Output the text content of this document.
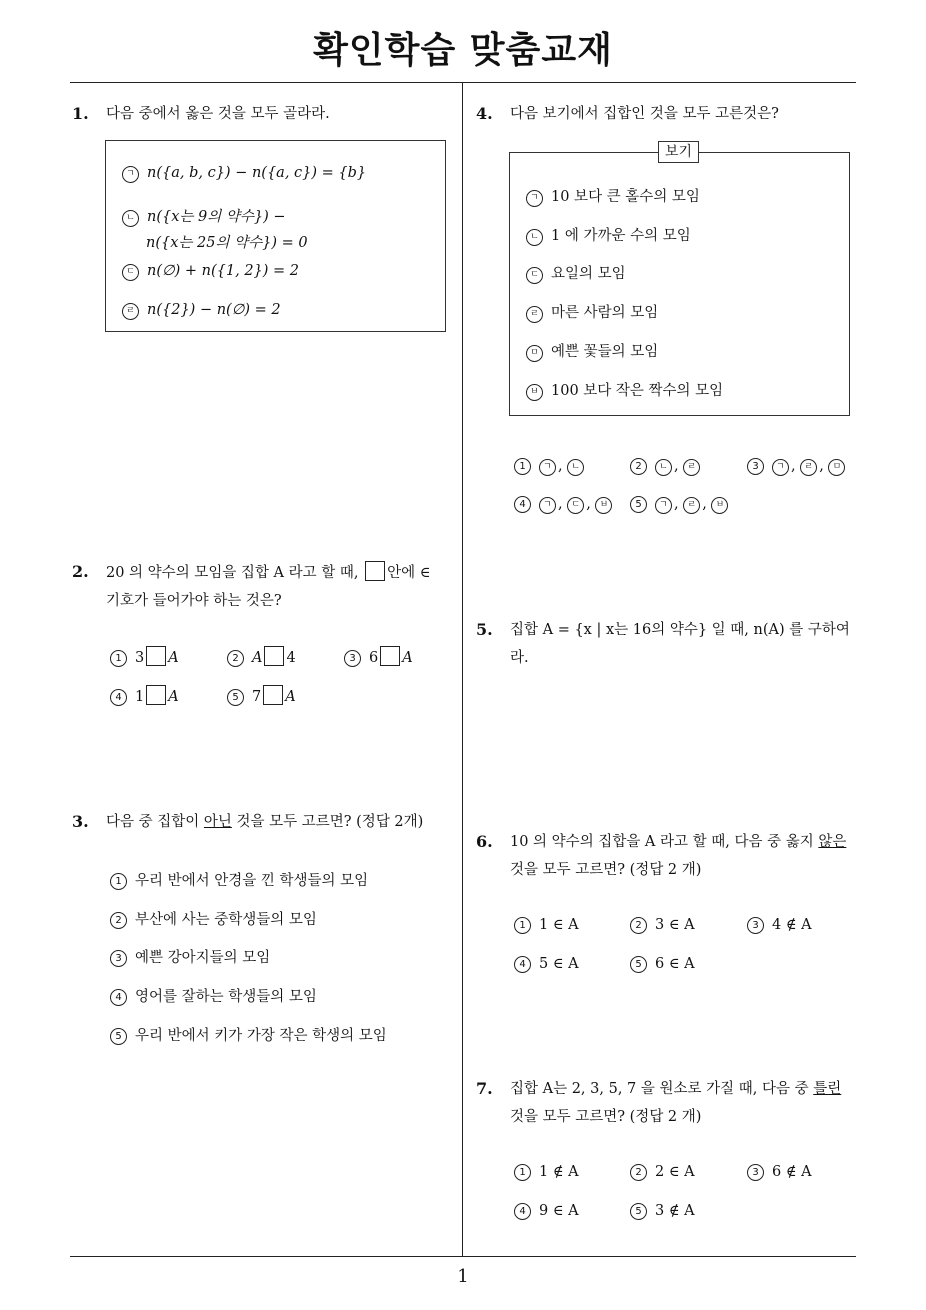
확인학습 맞춤교재
1
1. 다음 중에서 옳은 것을 모두 골라라.
ㄱ n({a, b, c}) − n({a, c}) = {b}
ㄴ n({x는 9의 약수}) −
n({x는 25의 약수}) = 0
ㄷ n(∅) + n({1, 2}) = 2
ㄹ n({2}) − n(∅) = 2
2. 20 의 약수의 모임을 집합 A 라고 할 때, 안에 ∈
기호가 들어가야 하는 것은?
1 3 A	2 A 4	3 6 A
4 1 A	5 7 A
3. 다음 중 집합이 아닌 것을 모두 고르면? (정답 2개)
1 우리 반에서 안경을 낀 학생들의 모임
2 부산에 사는 중학생들의 모임
3 예쁜 강아지들의 모임
4 영어를 잘하는 학생들의 모임
5 우리 반에서 키가 가장 작은 학생의 모임
4. 다음 보기에서 집합인 것을 모두 고른것은?
ㄱ 10 보다 큰 홀수의 모임
ㄴ 1 에 가까운 수의 모임
ㄷ 요일의 모임
ㄹ 마른 사람의 모임
ㅁ 예쁜 꽃들의 모임
ㅂ 100 보다 작은 짝수의 모임
보기
1 ㄱ , ㄴ	2 ㄴ , ㄹ	3 ㄱ , ㄹ , ㅁ
4 ㄱ , ㄷ , ㅂ	5 ㄱ , ㄹ , ㅂ
5. 집합 A = {x | x는 16의 약수} 일 때, n(A) 를 구하여
라.
6. 10 의 약수의 집합을 A 라고 할 때, 다음 중 옳지 않은
것을 모두 고르면? (정답 2 개)
1 1 ∈ A	2 3 ∈ A	3 4 ∉ A
4 5 ∈ A	5 6 ∈ A
7. 집합 A는 2, 3, 5, 7 을 원소로 가질 때, 다음 중 틀린
것을 모두 고르면? (정답 2 개)
1 1 ∉ A	2 2 ∈ A	3 6 ∉ A
4 9 ∈ A	5 3 ∉ A
